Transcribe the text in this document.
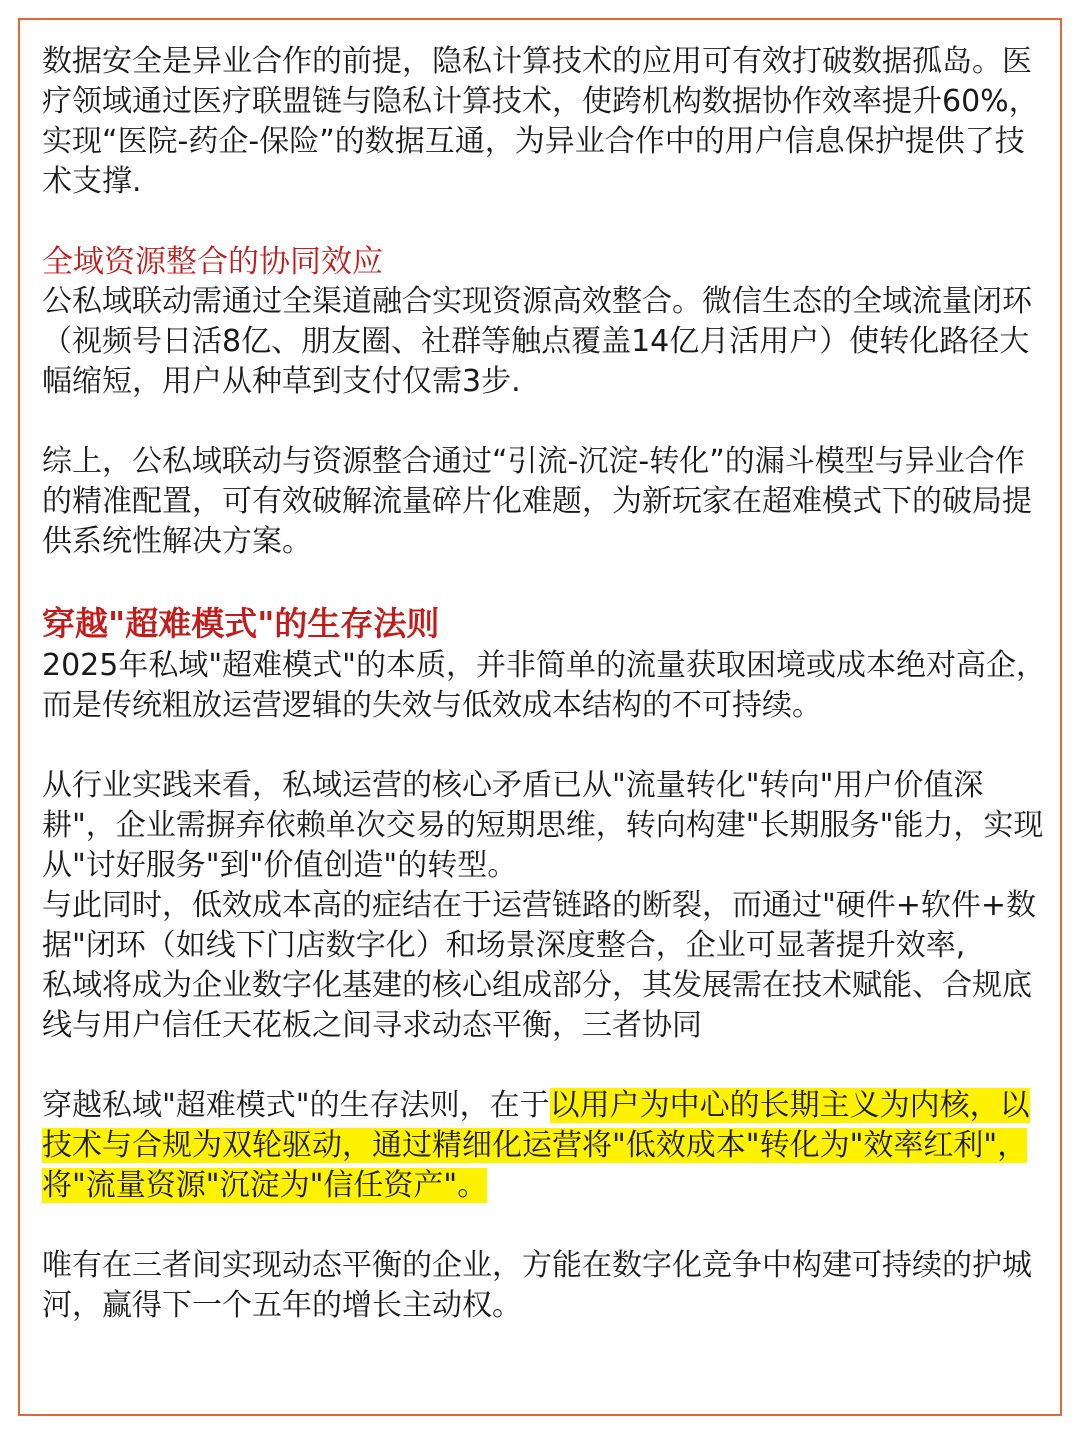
数据安全是异业合作的前提，隐私计算技术的应用可有效打破数据孤岛。医疗领域通过医疗联盟链与隐私计算技术，使跨机构数据协作效率提升60%，实现“医院-药企-保险”的数据互通，为异业合作中的用户信息保护提供了技术支撑.

全域资源整合的协同效应

公私域联动需通过全渠道融合实现资源高效整合。微信生态的全域流量闭环（视频号日活8亿、朋友圈、社群等触点覆盖14亿月活用户）使转化路径大幅缩短，用户从种草到支付仅需3步.

综上，公私域联动与资源整合通过“引流-沉淀-转化”的漏斗模型与异业合作的精准配置，可有效破解流量碎片化难题，为新玩家在超难模式下的破局提供系统性解决方案。

穿越"超难模式"的生存法则

2025年私域"超难模式"的本质，并非简单的流量获取困境或成本绝对高企，而是传统粗放运营逻辑的失效与低效成本结构的不可持续。

从行业实践来看，私域运营的核心矛盾已从"流量转化"转向"用户价值深耕"，企业需摒弃依赖单次交易的短期思维，转向构建"长期服务"能力，实现从"讨好服务"到"价值创造"的转型。

与此同时，低效成本高的症结在于运营链路的断裂，而通过"硬件+软件+数据"闭环（如线下门店数字化）和场景深度整合，企业可显著提升效率,

私域将成为企业数字化基建的核心组成部分，其发展需在技术赋能、合规底线与用户信任天花板之间寻求动态平衡，三者协同

穿越私域"超难模式"的生存法则，在于以用户为中心的长期主义为内核，以技术与合规为双轮驱动，通过精细化运营将"低效成本"转化为"效率红利"，将"流量资源"沉淀为"信任资产"。

唯有在三者间实现动态平衡的企业，方能在数字化竞争中构建可持续的护城河，赢得下一个五年的增长主动权。
